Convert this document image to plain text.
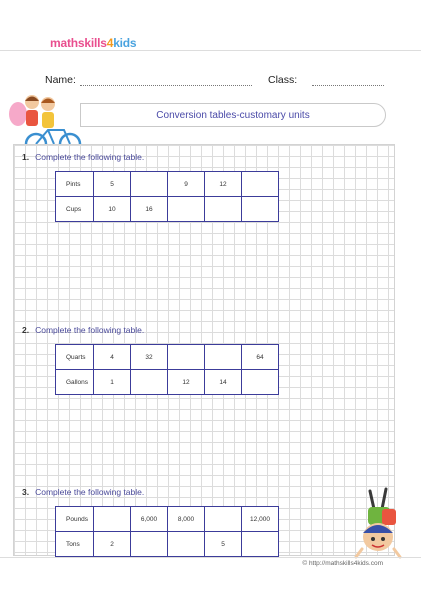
mathskills4kids
Name:	Class:
Conversion tables-customary units
1. Complete the following table.
Pints	5		9	12	
Cups	10	16			
2. Complete the following table.
Quarts	4	32			64
Gallons	1		12	14	
3. Complete the following table.
Pounds		6,000	8,000		12,000
Tons	2			5	
© http://mathskills4kids.com
